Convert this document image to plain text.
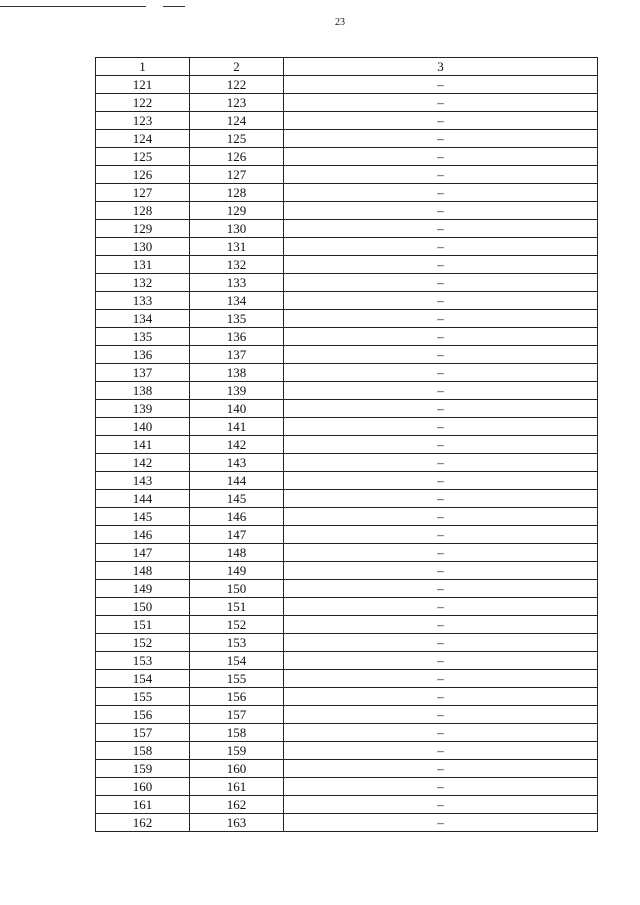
23
1	2	3
121	122	–
122	123	–
123	124	–
124	125	–
125	126	–
126	127	–
127	128	–
128	129	–
129	130	–
130	131	–
131	132	–
132	133	–
133	134	–
134	135	–
135	136	–
136	137	–
137	138	–
138	139	–
139	140	–
140	141	–
141	142	–
142	143	–
143	144	–
144	145	–
145	146	–
146	147	–
147	148	–
148	149	–
149	150	–
150	151	–
151	152	–
152	153	–
153	154	–
154	155	–
155	156	–
156	157	–
157	158	–
158	159	–
159	160	–
160	161	–
161	162	–
162	163	–
